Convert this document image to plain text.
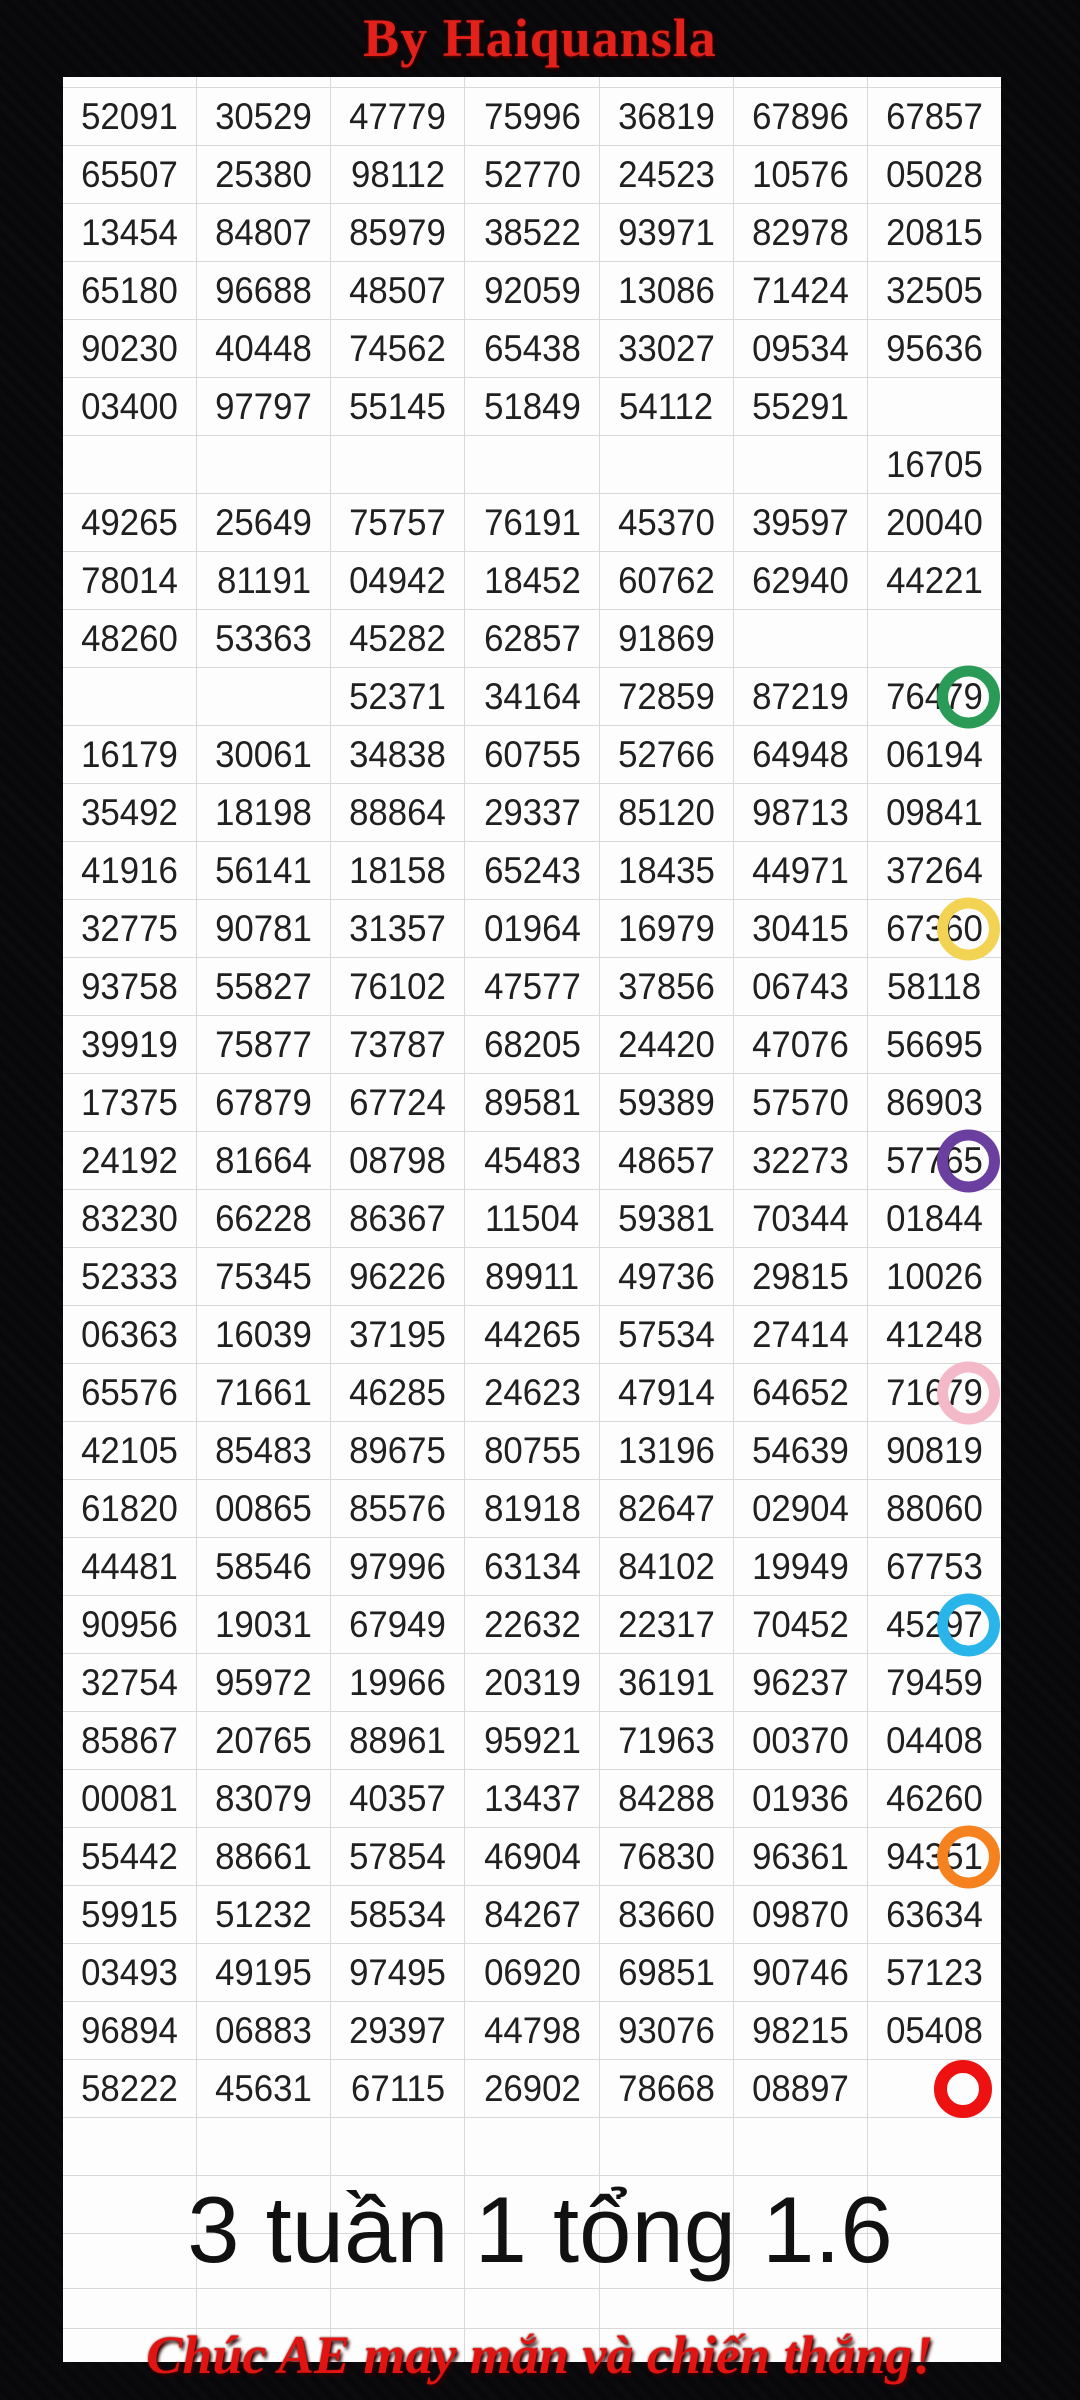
By Haiquansla
52091 30529 47779 75996 36819 67896 67857
65507 25380 98112 52770 24523 10576 05028
13454 84807 85979 38522 93971 82978 20815
65180 96688 48507 92059 13086 71424 32505
90230 40448 74562 65438 33027 09534 95636
03400 97797 55145 51849 54112 55291
16705
49265 25649 75757 76191 45370 39597 20040
78014 81191 04942 18452 60762 62940 44221
48260 53363 45282 62857 91869
52371 34164 72859 87219 76479
16179 30061 34838 60755 52766 64948 06194
35492 18198 88864 29337 85120 98713 09841
41916 56141 18158 65243 18435 44971 37264
32775 90781 31357 01964 16979 30415 67360
93758 55827 76102 47577 37856 06743 58118
39919 75877 73787 68205 24420 47076 56695
17375 67879 67724 89581 59389 57570 86903
24192 81664 08798 45483 48657 32273 57765
83230 66228 86367 11504 59381 70344 01844
52333 75345 96226 89911 49736 29815 10026
06363 16039 37195 44265 57534 27414 41248
65576 71661 46285 24623 47914 64652 71679
42105 85483 89675 80755 13196 54639 90819
61820 00865 85576 81918 82647 02904 88060
44481 58546 97996 63134 84102 19949 67753
90956 19031 67949 22632 22317 70452 45297
32754 95972 19966 20319 36191 96237 79459
85867 20765 88961 95921 71963 00370 04408
00081 83079 40357 13437 84288 01936 46260
55442 88661 57854 46904 76830 96361 94351
59915 51232 58534 84267 83660 09870 63634
03493 49195 97495 06920 69851 90746 57123
96894 06883 29397 44798 93076 98215 05408
58222 45631 67115 26902 78668 08897
3 tuần 1 tổng 1.6
Chúc AE may mắn và chiến thắng!
